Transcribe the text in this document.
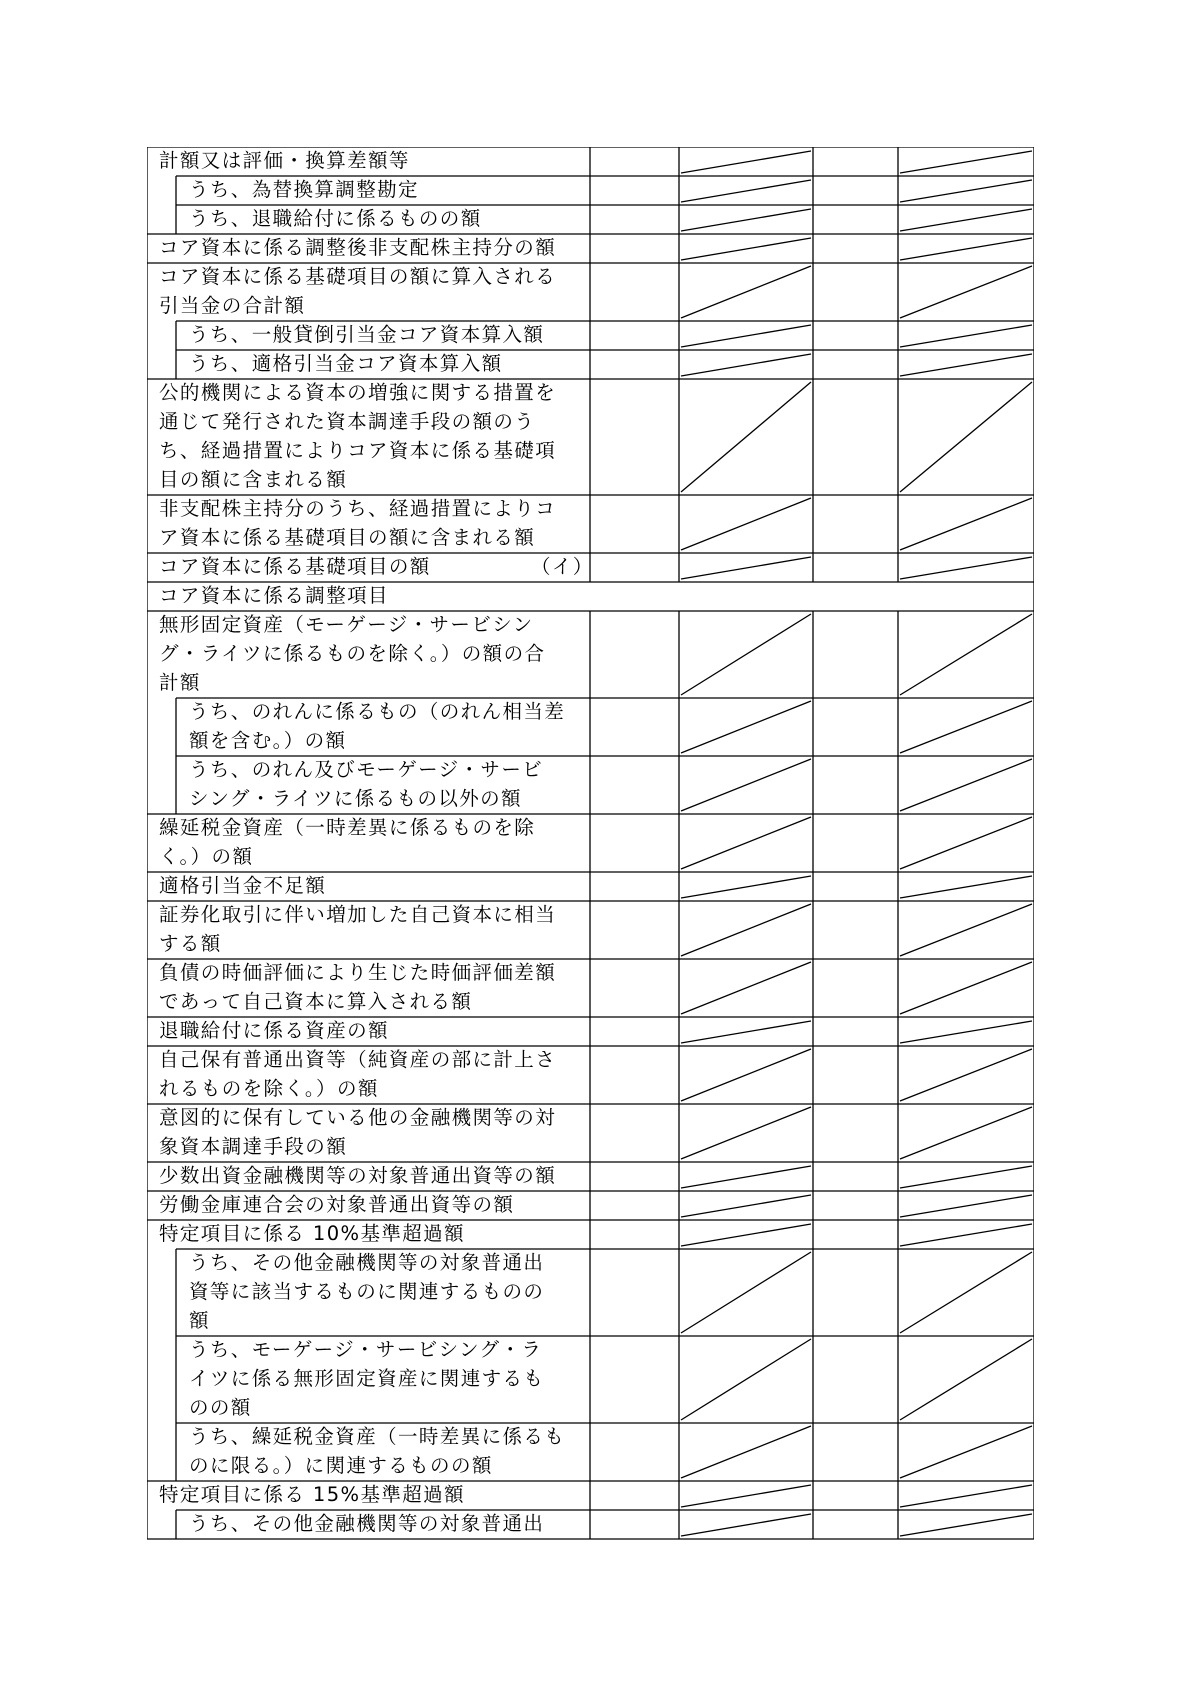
計額又は評価・換算差額等
うち、為替換算調整勘定
うち、退職給付に係るものの額
コア資本に係る調整後非支配株主持分の額
コア資本に係る基礎項目の額に算入される
引当金の合計額
うち、一般貸倒引当金コア資本算入額
うち、適格引当金コア資本算入額
公的機関による資本の増強に関する措置を
通じて発行された資本調達手段の額のう
ち、経過措置によりコア資本に係る基礎項
目の額に含まれる額
非支配株主持分のうち、経過措置によりコ
ア資本に係る基礎項目の額に含まれる額
コア資本に係る基礎項目の額	（イ）
コア資本に係る調整項目
無形固定資産（モーゲージ・サービシン
グ・ライツに係るものを除く。）の額の合
計額
うち、のれんに係るもの（のれん相当差
額を含む。）の額
うち、のれん及びモーゲージ・サービ
シング・ライツに係るもの以外の額
繰延税金資産（一時差異に係るものを除
く。）の額
適格引当金不足額
証券化取引に伴い増加した自己資本に相当
する額
負債の時価評価により生じた時価評価差額
であって自己資本に算入される額
退職給付に係る資産の額
自己保有普通出資等（純資産の部に計上さ
れるものを除く。）の額
意図的に保有している他の金融機関等の対
象資本調達手段の額
少数出資金融機関等の対象普通出資等の額
労働金庫連合会の対象普通出資等の額
特定項目に係る 10%基準超過額
うち、その他金融機関等の対象普通出
資等に該当するものに関連するものの
額
うち、モーゲージ・サービシング・ラ
イツに係る無形固定資産に関連するも
のの額
うち、繰延税金資産（一時差異に係るも
のに限る。）に関連するものの額
特定項目に係る 15%基準超過額
うち、その他金融機関等の対象普通出
